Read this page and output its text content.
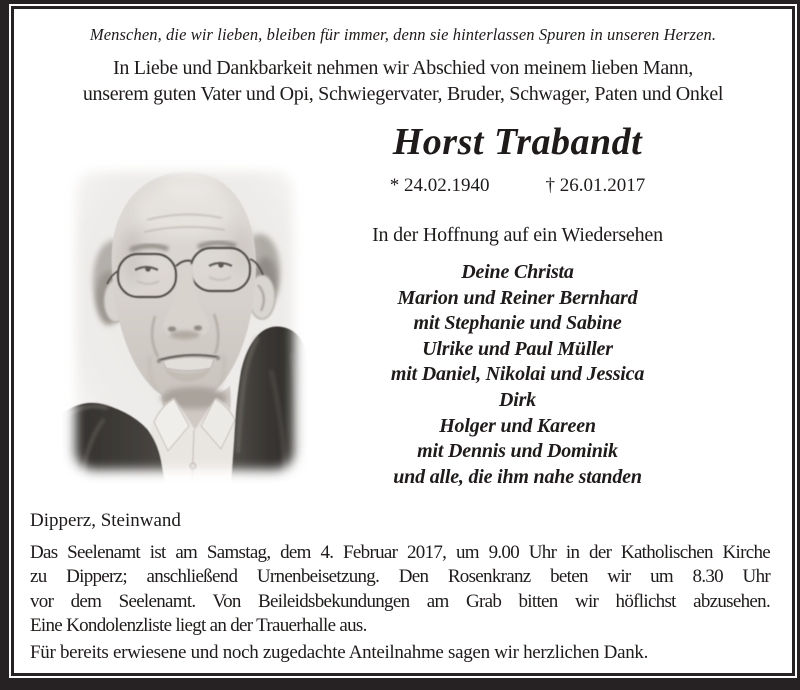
Menschen, die wir lieben, bleiben für immer, denn sie hinterlassen Spuren in unseren Herzen.
In Liebe und Dankbarkeit nehmen wir Abschied von meinem lieben Mann,
unserem guten Vater und Opi, Schwiegervater, Bruder, Schwager, Paten und Onkel
Horst Trabandt
* 24.02.1940	† 26.01.2017
In der Hoffnung auf ein Wiedersehen
Deine Christa
Marion und Reiner Bernhard
mit Stephanie und Sabine
Ulrike und Paul Müller
mit Daniel, Nikolai und Jessica
Dirk
Holger und Kareen
mit Dennis und Dominik
und alle, die ihm nahe standen
Dipperz, Steinwand
Das Seelenamt ist am Samstag, dem 4. Februar 2017, um 9.00 Uhr in der Katholischen Kirche
zu Dipperz; anschließend Urnenbeisetzung. Den Rosenkranz beten wir um 8.30 Uhr
vor dem Seelenamt. Von Beileidsbekundungen am Grab bitten wir höflichst abzusehen.
Eine Kondolenzliste liegt an der Trauerhalle aus.
Für bereits erwiesene und noch zugedachte Anteilnahme sagen wir herzlichen Dank.
